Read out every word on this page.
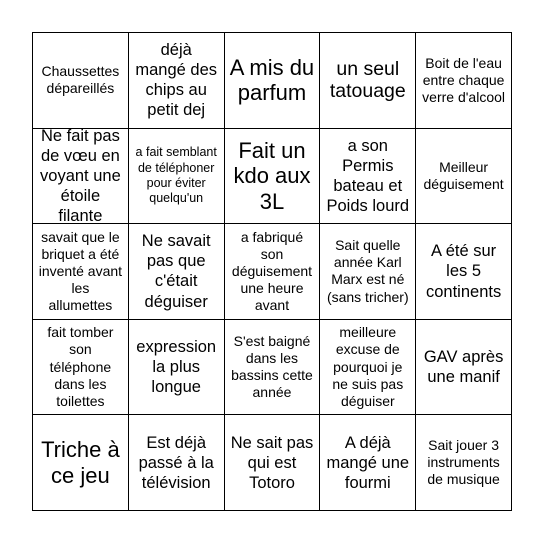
Chaussettes dépareillés
déjà mangé des chips au petit dej
A mis du parfum
un seul tatouage
Boit de l'eau entre chaque verre d'alcool
Ne fait pas de vœu en voyant une étoile filante
a fait semblant de téléphoner pour éviter quelqu'un
Fait un kdo aux 3L
a son Permis bateau et Poids lourd
Meilleur déguisement
savait que le briquet a été inventé avant les allumettes
Ne savait pas que c'était déguiser
a fabriqué son déguisement une heure avant
Sait quelle année Karl Marx est né (sans tricher)
A été sur les 5 continents
fait tomber son téléphone dans les toilettes
expression la plus longue
S'est baigné dans les bassins cette année
meilleure excuse de pourquoi je ne suis pas déguiser
GAV après une manif
Triche à ce jeu
Est déjà passé à la télévision
Ne sait pas qui est Totoro
A déjà mangé une fourmi
Sait jouer 3 instruments de musique
